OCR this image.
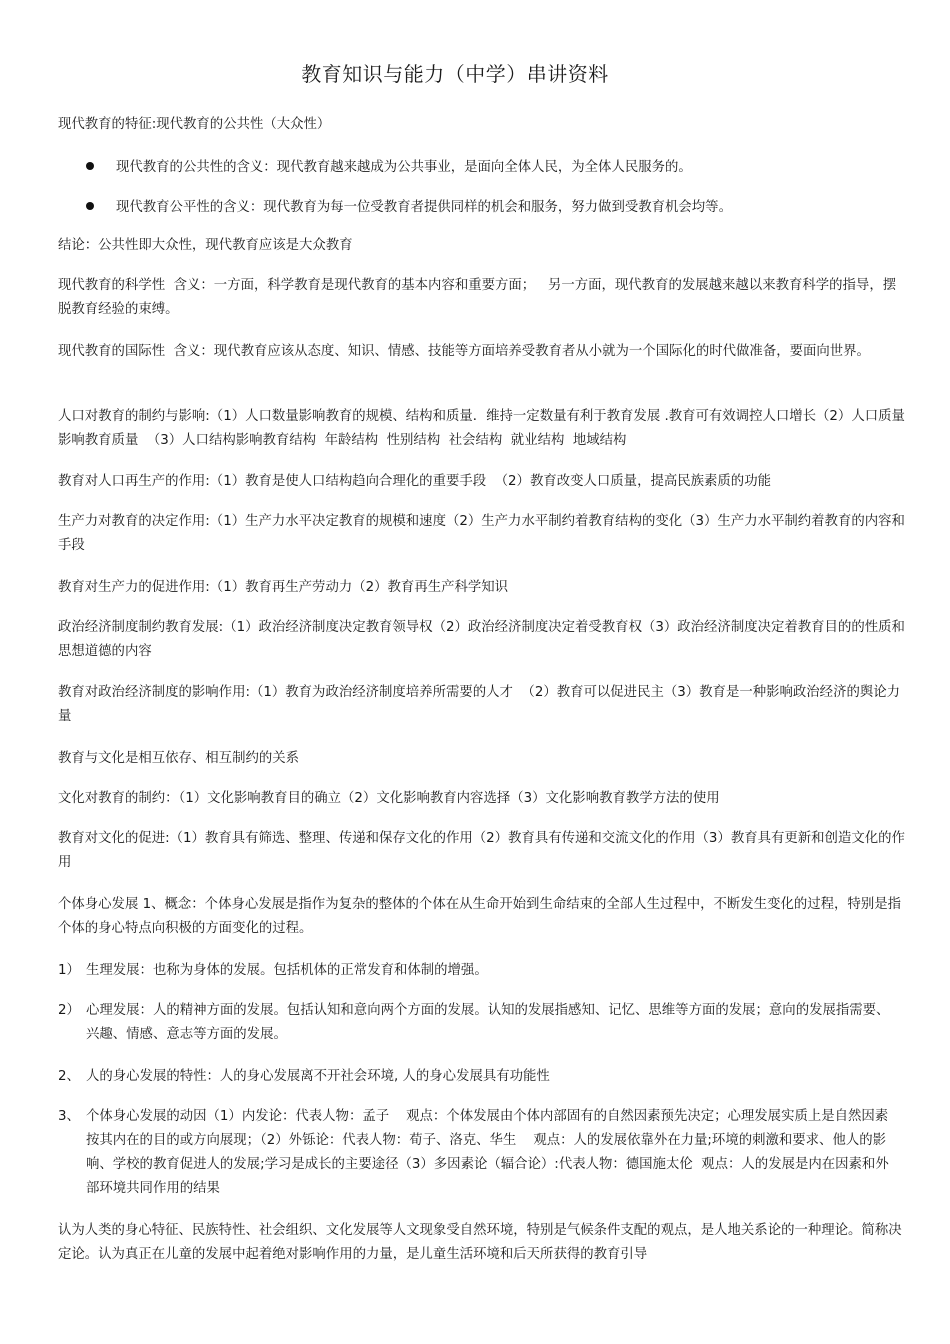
教育知识与能力（中学）串讲资料
现代教育的特征:现代教育的公共性（大众性）
现代教育的公共性的含义：现代教育越来越成为公共事业，是面向全体人民，为全体人民服务的。
现代教育公平性的含义：现代教育为每一位受教育者提供同样的机会和服务，努力做到受教育机会均等。
结论：公共性即大众性，现代教育应该是大众教育
现代教育的科学性  含义：一方面，科学教育是现代教育的基本内容和重要方面；   另一方面，现代教育的发展越来越以来教育科学的指导，摆脱教育经验的束缚。
现代教育的国际性  含义：现代教育应该从态度、知识、情感、技能等方面培养受教育者从小就为一个国际化的时代做准备，要面向世界。
人口对教育的制约与影响:（1）人口数量影响教育的规模、结构和质量．维持一定数量有利于教育发展 .教育可有效调控人口增长（2）人口质量影响教育质量  （3）人口结构影响教育结构  年龄结构  性别结构  社会结构  就业结构  地域结构
教育对人口再生产的作用:（1）教育是使人口结构趋向合理化的重要手段  （2）教育改变人口质量，提高民族素质的功能
生产力对教育的决定作用:（1）生产力水平决定教育的规模和速度（2）生产力水平制约着教育结构的变化（3）生产力水平制约着教育的内容和手段
教育对生产力的促进作用:（1）教育再生产劳动力（2）教育再生产科学知识
政治经济制度制约教育发展:（1）政治经济制度决定教育领导权（2）政治经济制度决定着受教育权（3）政治经济制度决定着教育目的的性质和思想道德的内容
教育对政治经济制度的影响作用:（1）教育为政治经济制度培养所需要的人才  （2）教育可以促进民主（3）教育是一种影响政治经济的舆论力量
教育与文化是相互依存、相互制约的关系
文化对教育的制约：（1）文化影响教育目的确立（2）文化影响教育内容选择（3）文化影响教育教学方法的使用
教育对文化的促进:（1）教育具有筛选、整理、传递和保存文化的作用（2）教育具有传递和交流文化的作用（3）教育具有更新和创造文化的作用
个体身心发展 1、概念：个体身心发展是指作为复杂的整体的个体在从生命开始到生命结束的全部人生过程中，不断发生变化的过程，特别是指个体的身心特点向积极的方面变化的过程。
1） 生理发展：也称为身体的发展。包括机体的正常发育和体制的增强。
2） 心理发展：人的精神方面的发展。包括认知和意向两个方面的发展。认知的发展指感知、记忆、思维等方面的发展；意向的发展指需要、兴趣、情感、意志等方面的发展。
2、 人的身心发展的特性：人的身心发展离不开社会环境, 人的身心发展具有功能性
3、 个体身心发展的动因（1）内发论：代表人物：孟子    观点：个体发展由个体内部固有的自然因素预先决定；心理发展实质上是自然因素按其内在的目的或方向展现；（2）外铄论：代表人物：荀子、洛克、华生    观点：人的发展依靠外在力量;环境的刺激和要求、他人的影响、学校的教育促进人的发展;学习是成长的主要途径（3）多因素论（辐合论）:代表人物：德国施太伦  观点：人的发展是内在因素和外部环境共同作用的结果
认为人类的身心特征、民族特性、社会组织、文化发展等人文现象受自然环境，特别是气候条件支配的观点，是人地关系论的一种理论。简称决定论。认为真正在儿童的发展中起着绝对影响作用的力量，是儿童生活环境和后天所获得的教育引导
